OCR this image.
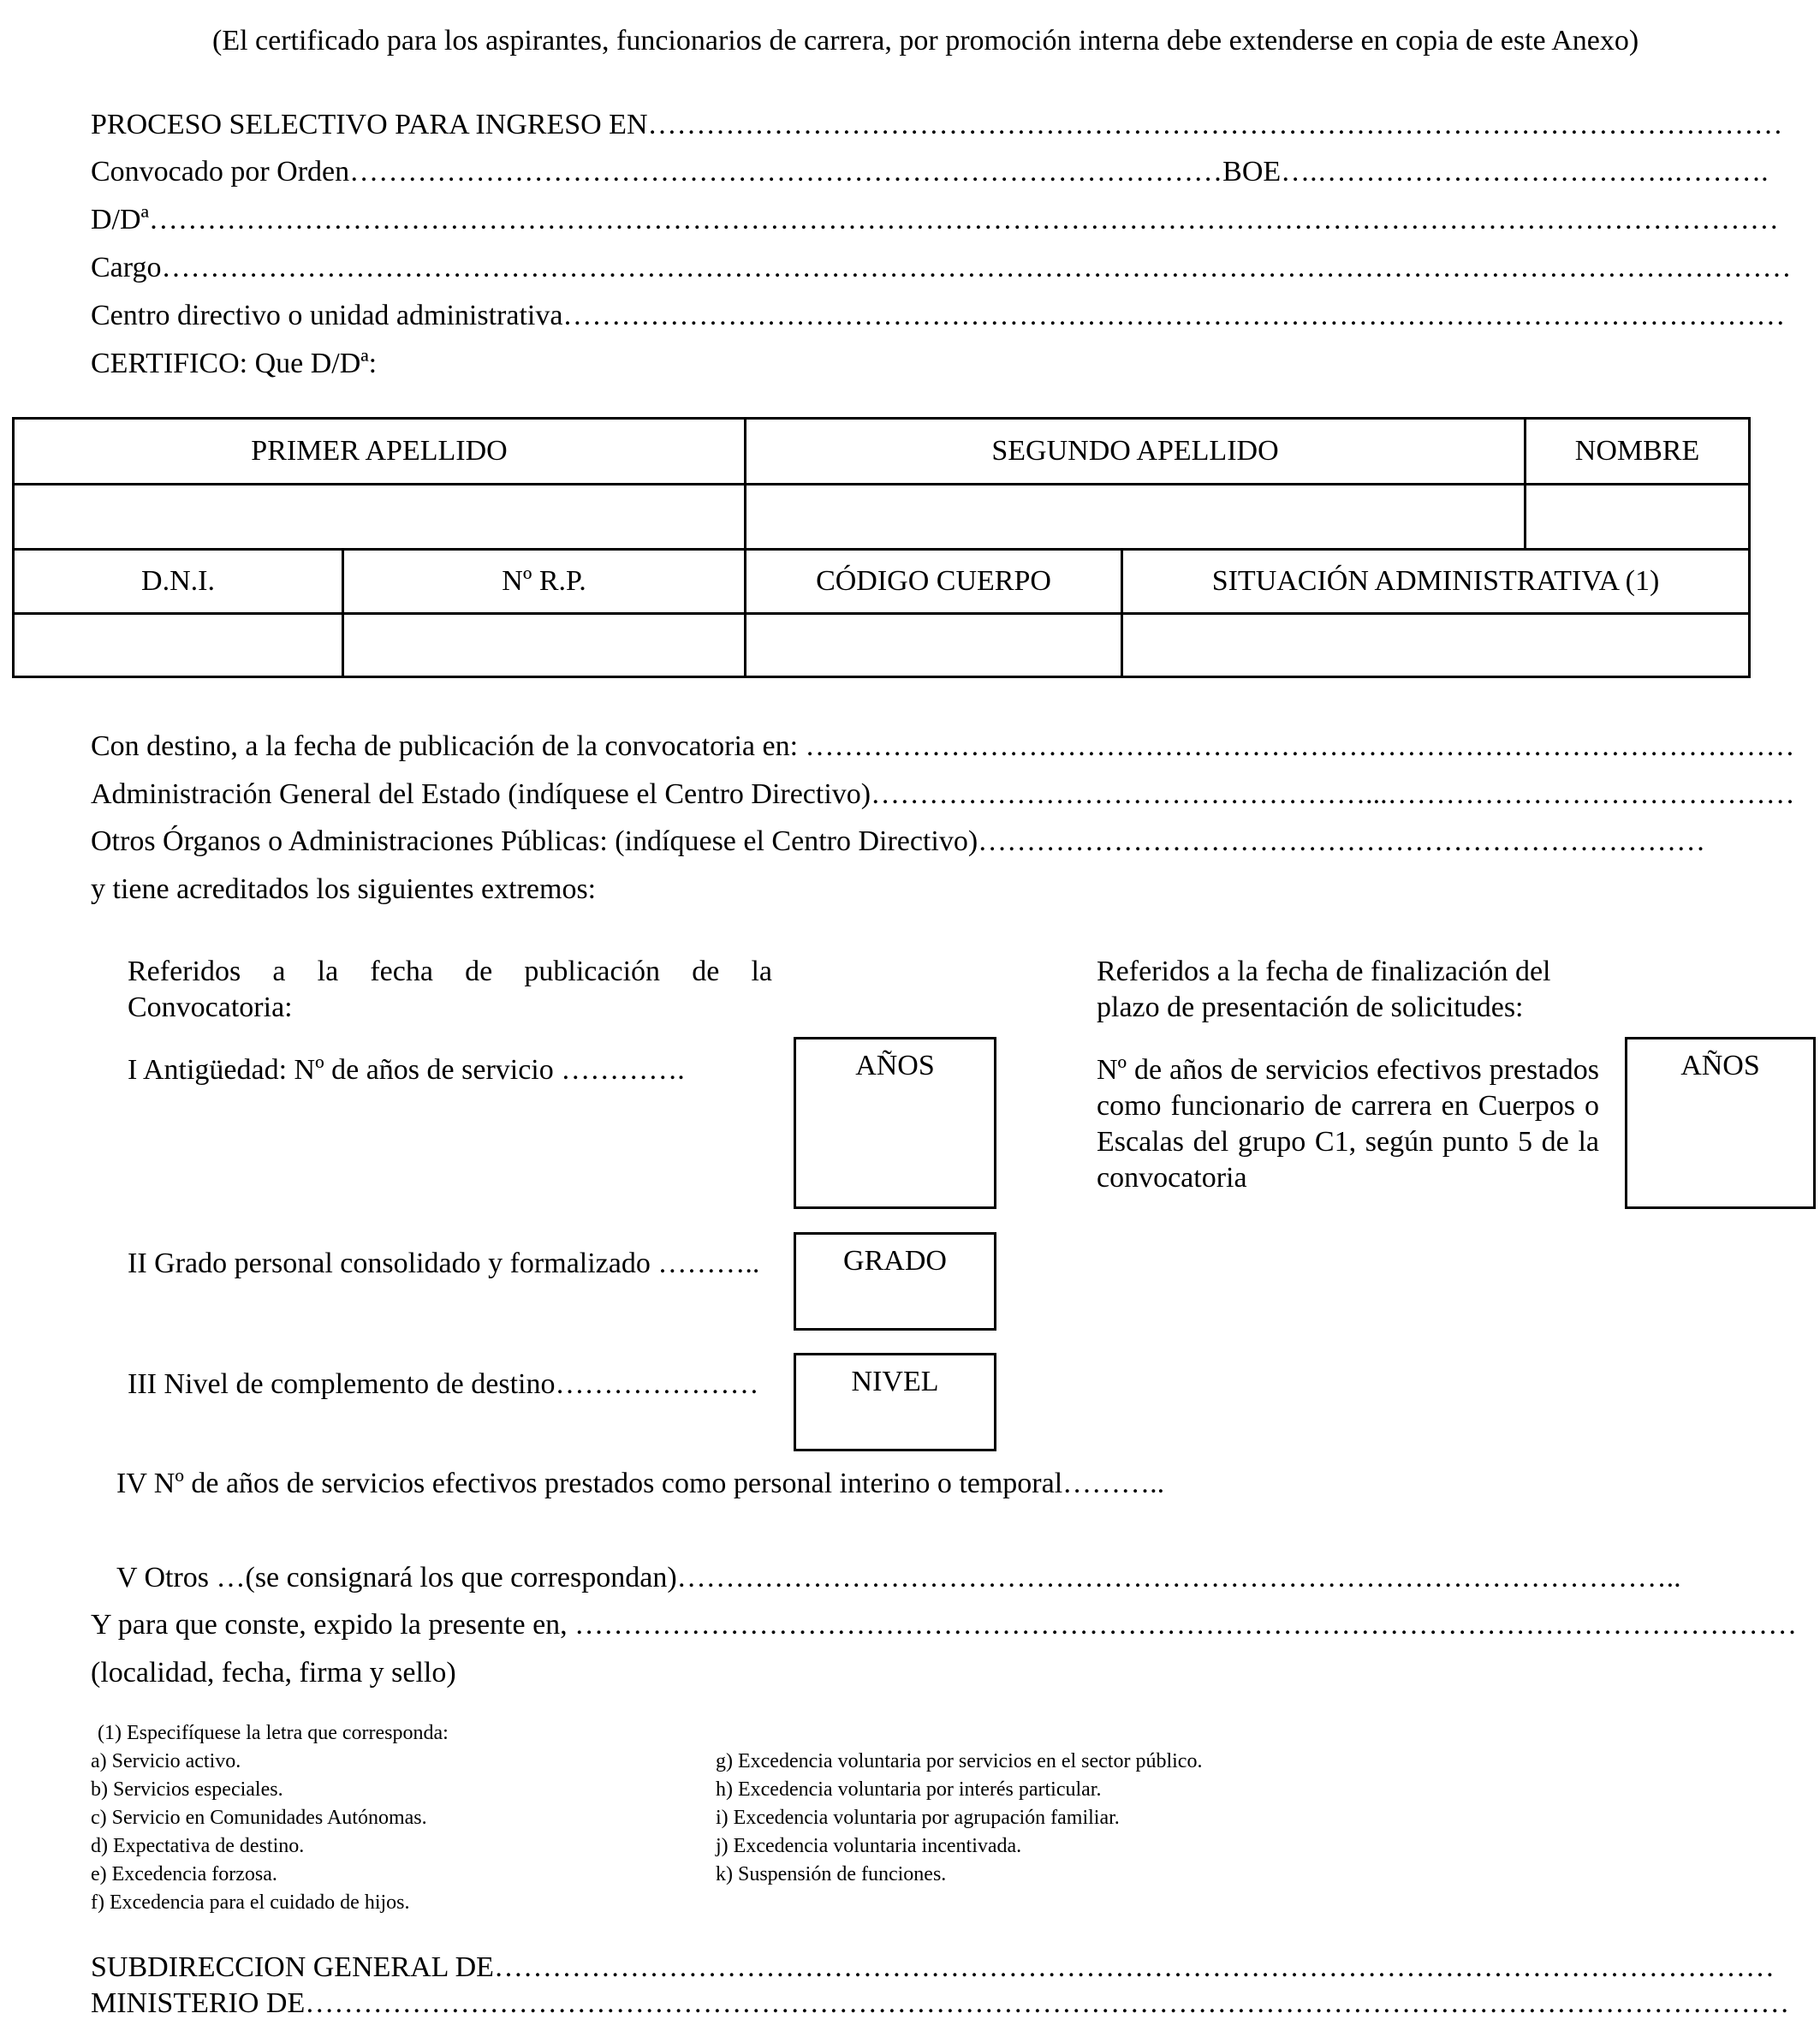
(El certificado para los aspirantes, funcionarios de carrera, por promoción interna debe extenderse en copia de este Anexo)
PROCESO SELECTIVO PARA INGRESO EN………………………………………………………………………………………………………
Convocado por Orden………………………………………………………………………………BOE….……………………………….……….
D/Dª……………………………………………………………………………………………………………………………………………………
Cargo……………………………………………………………………………………………………………………………………………………
Centro directivo o unidad administrativa………………………………………………………………………………………………………………
CERTIFICO: Que D/Dª:
PRIMER APELLIDO	SEGUNDO APELLIDO	NOMBRE
D.N.I.	Nº R.P.	CÓDIGO CUERPO	SITUACIÓN ADMINISTRATIVA (1)
Con destino, a la fecha de publicación de la convocatoria en: …………………………………………………………………………………………
Administración General del Estado (indíquese el Centro Directivo)……………………………………………...……………………………………
Otros Órganos o Administraciones Públicas: (indíquese el Centro Directivo)…………………………………………………………………
y tiene acreditados los siguientes extremos:
Referidos a la fecha de publicación de la Convocatoria:
I Antigüedad: Nº de años de servicio ………….	AÑOS
II Grado personal consolidado y formalizado ………..	GRADO
III Nivel de complemento de destino…………………	NIVEL
Referidos a la fecha de finalización del plazo de presentación de solicitudes:
Nº de años de servicios efectivos prestados como funcionario de carrera en Cuerpos o Escalas del grupo C1, según punto 5 de la convocatoria
AÑOS
IV Nº de años de servicios efectivos prestados como personal interino o temporal………..
V Otros …(se consignará los que correspondan)…………………………………………………………………………………………..
Y para que conste, expido la presente en, ………………………………………………………………………………………………………………
(localidad, fecha, firma y sello)
(1) Especifíquese la letra que corresponda:
a) Servicio activo.
b) Servicios especiales.
c) Servicio en Comunidades Autónomas.
d) Expectativa de destino.
e) Excedencia forzosa.
f) Excedencia para el cuidado de hijos.
g) Excedencia voluntaria por servicios en el sector público.
h) Excedencia voluntaria por interés particular.
i) Excedencia voluntaria por agrupación familiar.
j) Excedencia voluntaria incentivada.
k) Suspensión de funciones.
SUBDIRECCION GENERAL DE……………………………………………………………………………………………………………………
MINISTERIO DE………………………………………………………………………………………………………………………………………
